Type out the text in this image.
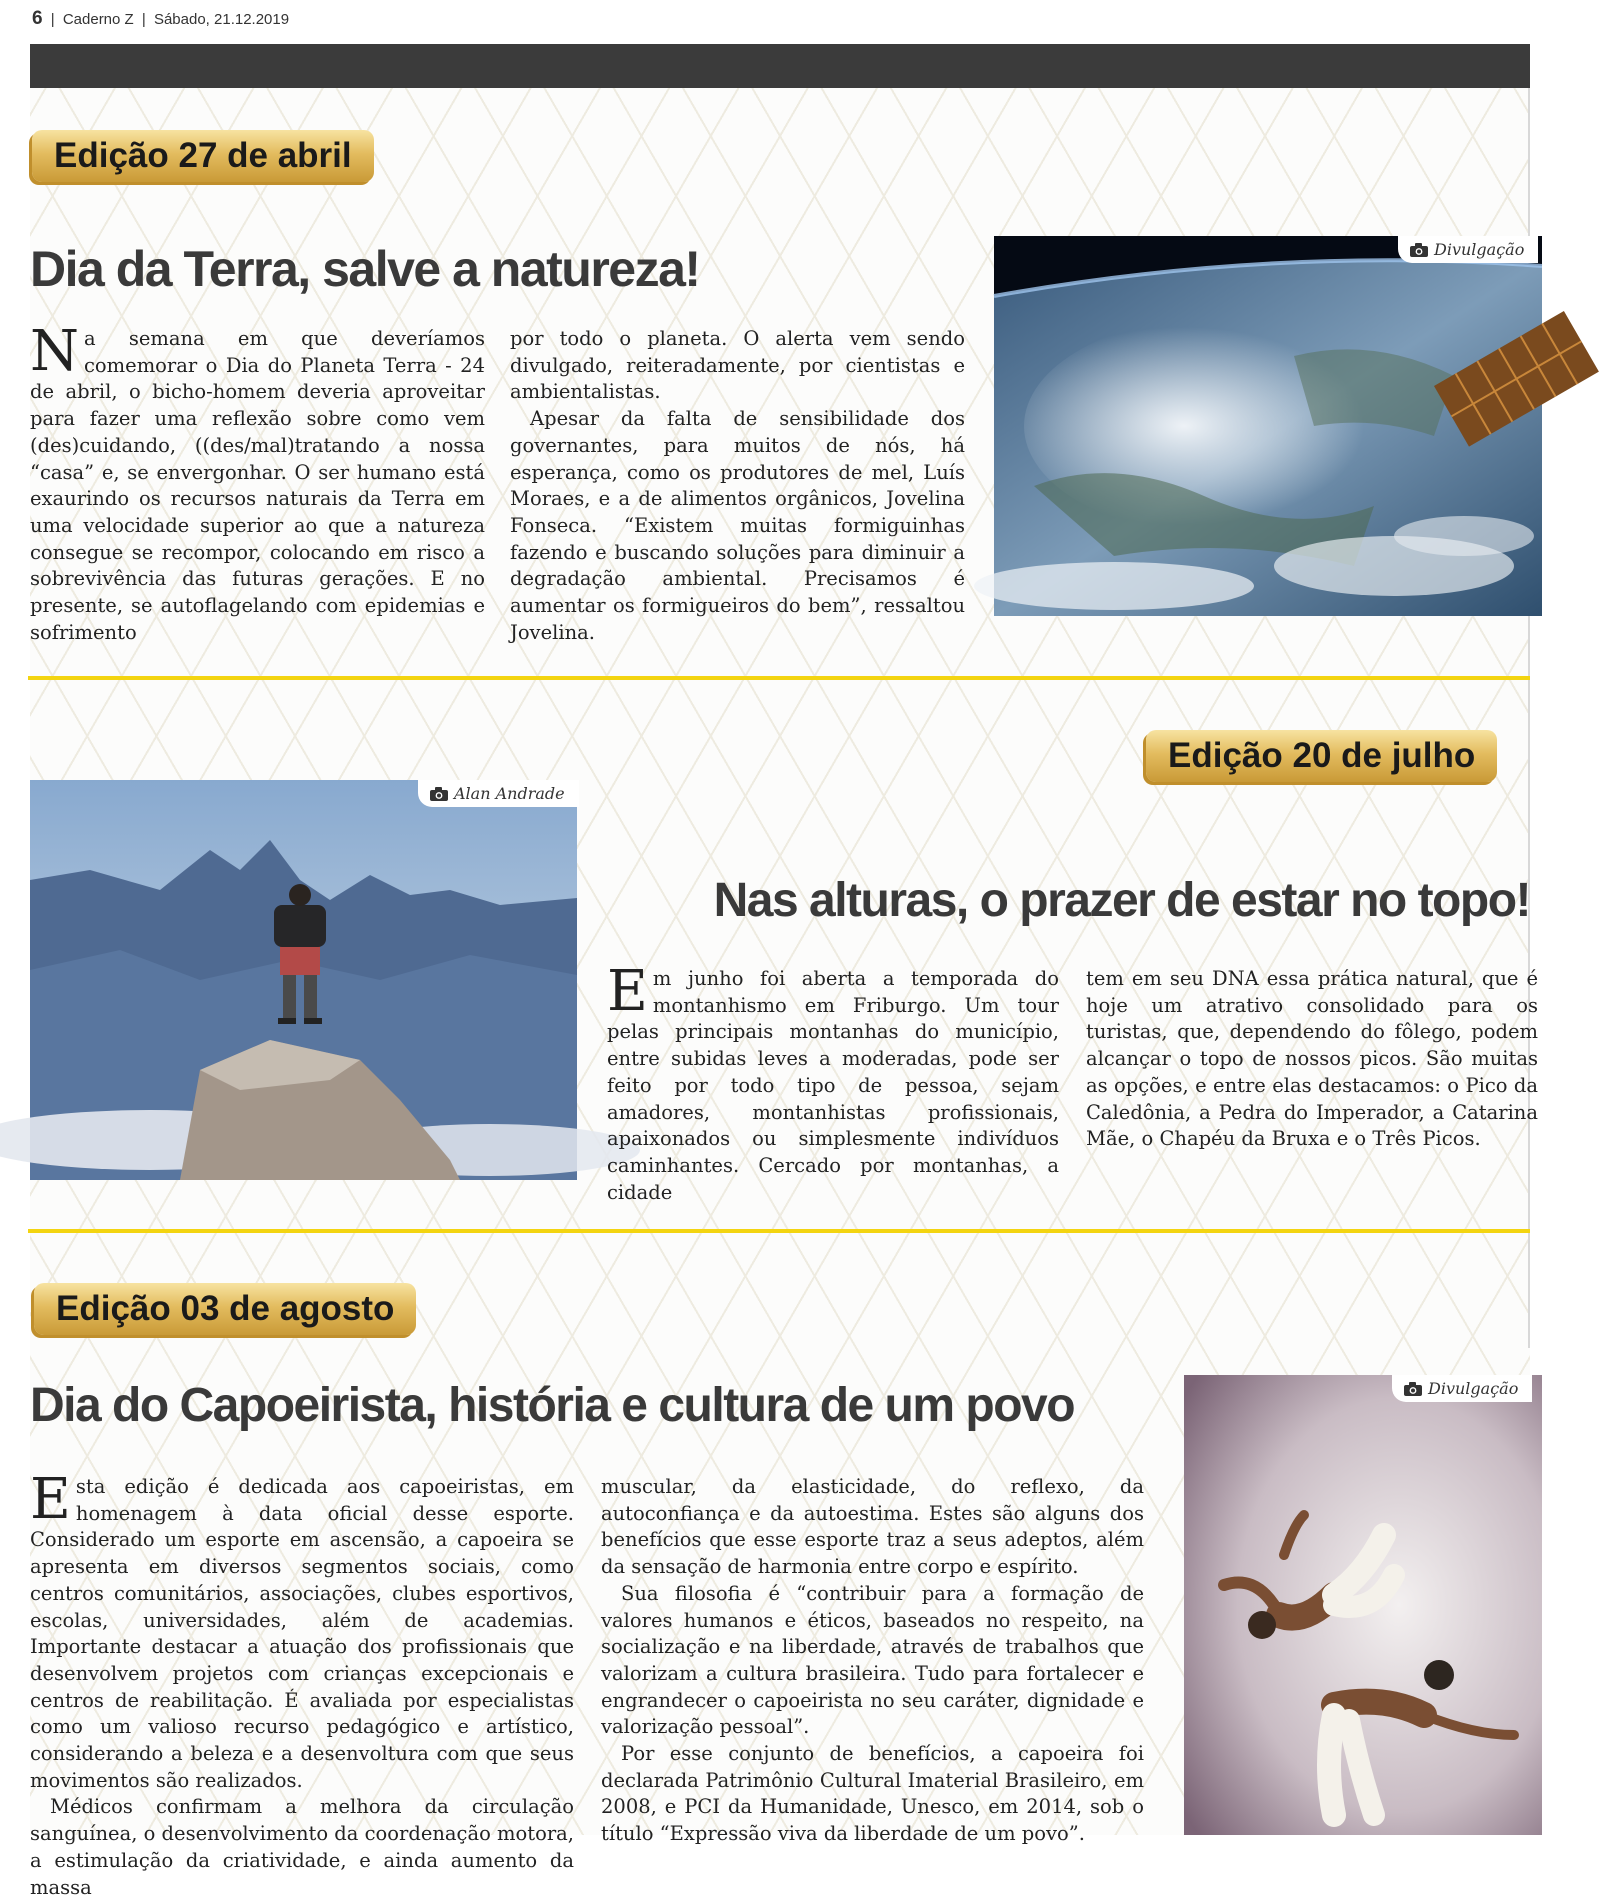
6 | Caderno Z | Sábado, 21.12.2019
Edição 27 de abril
Dia da Terra, salve a natureza!

Na semana em que deveríamos comemorar o Dia do Planeta Terra - 24 de abril, o bicho-homem deveria aproveitar para fazer uma reflexão sobre como vem (des)cuidando, ((des/mal)tratando a nossa “casa” e, se envergonhar. O ser humano está exaurindo os recursos naturais da Terra em uma velocidade superior ao que a natureza consegue se recompor, colocando em risco a sobrevivência das futuras gerações. E no presente, se autoflagelando com epidemias e sofrimento

por todo o planeta. O alerta vem sendo divulgado, reiteradamente, por cientistas e ambientalistas.

Apesar da falta de sensibilidade dos governantes, para muitos de nós, há esperança, como os produtores de mel, Luís Moraes, e a de alimentos orgânicos, Jovelina Fonseca. “Existem muitas formiguinhas fazendo e buscando soluções para diminuir a degradação ambiental. Precisamos é aumentar os formigueiros do bem”, ressaltou Jovelina.

Divulgação
Edição 20 de julho
Alan Andrade
Nas alturas, o prazer de estar no topo!

Em junho foi aberta a temporada do montanhismo em Friburgo. Um tour pelas principais montanhas do município, entre subidas leves a moderadas, pode ser feito por todo tipo de pessoa, sejam amadores, montanhistas profissionais, apaixonados ou simplesmente indivíduos caminhantes. Cercado por montanhas, a cidade

tem em seu DNA essa prática natural, que é hoje um atrativo consolidado para os turistas, que, dependendo do fôlego, podem alcançar o topo de nossos picos. São muitas as opções, e entre elas destacamos: o Pico da Caledônia, a Pedra do Imperador, a Catarina Mãe, o Chapéu da Bruxa e o Três Picos.

Edição 03 de agosto
Dia do Capoeirista, história e cultura de um povo

Esta edição é dedicada aos capoeiristas, em homenagem à data oficial desse esporte. Considerado um esporte em ascensão, a capoeira se apresenta em diversos segmentos sociais, como centros comunitários, associações, clubes esportivos, escolas, universidades, além de academias. Importante destacar a atuação dos profissionais que desenvolvem projetos com crianças excepcionais e centros de reabilitação. É avaliada por especialistas como um valioso recurso pedagógico e artístico, considerando a beleza e a desenvoltura com que seus movimentos são realizados.

Médicos confirmam a melhora da circulação sanguínea, o desenvolvimento da coordenação motora, a estimulação da criatividade, e ainda aumento da massa

muscular, da elasticidade, do reflexo, da autoconfiança e da autoestima. Estes são alguns dos benefícios que esse esporte traz a seus adeptos, além da sensação de harmonia entre corpo e espírito.

Sua filosofia é “contribuir para a formação de valores humanos e éticos, baseados no respeito, na socialização e na liberdade, através de trabalhos que valorizam a cultura brasileira. Tudo para fortalecer e engrandecer o capoeirista no seu caráter, dignidade e valorização pessoal”.

Por esse conjunto de benefícios, a capoeira foi declarada Patrimônio Cultural Imaterial Brasileiro, em 2008, e PCI da Humanidade, Unesco, em 2014, sob o título “Expressão viva da liberdade de um povo”.

Divulgação
